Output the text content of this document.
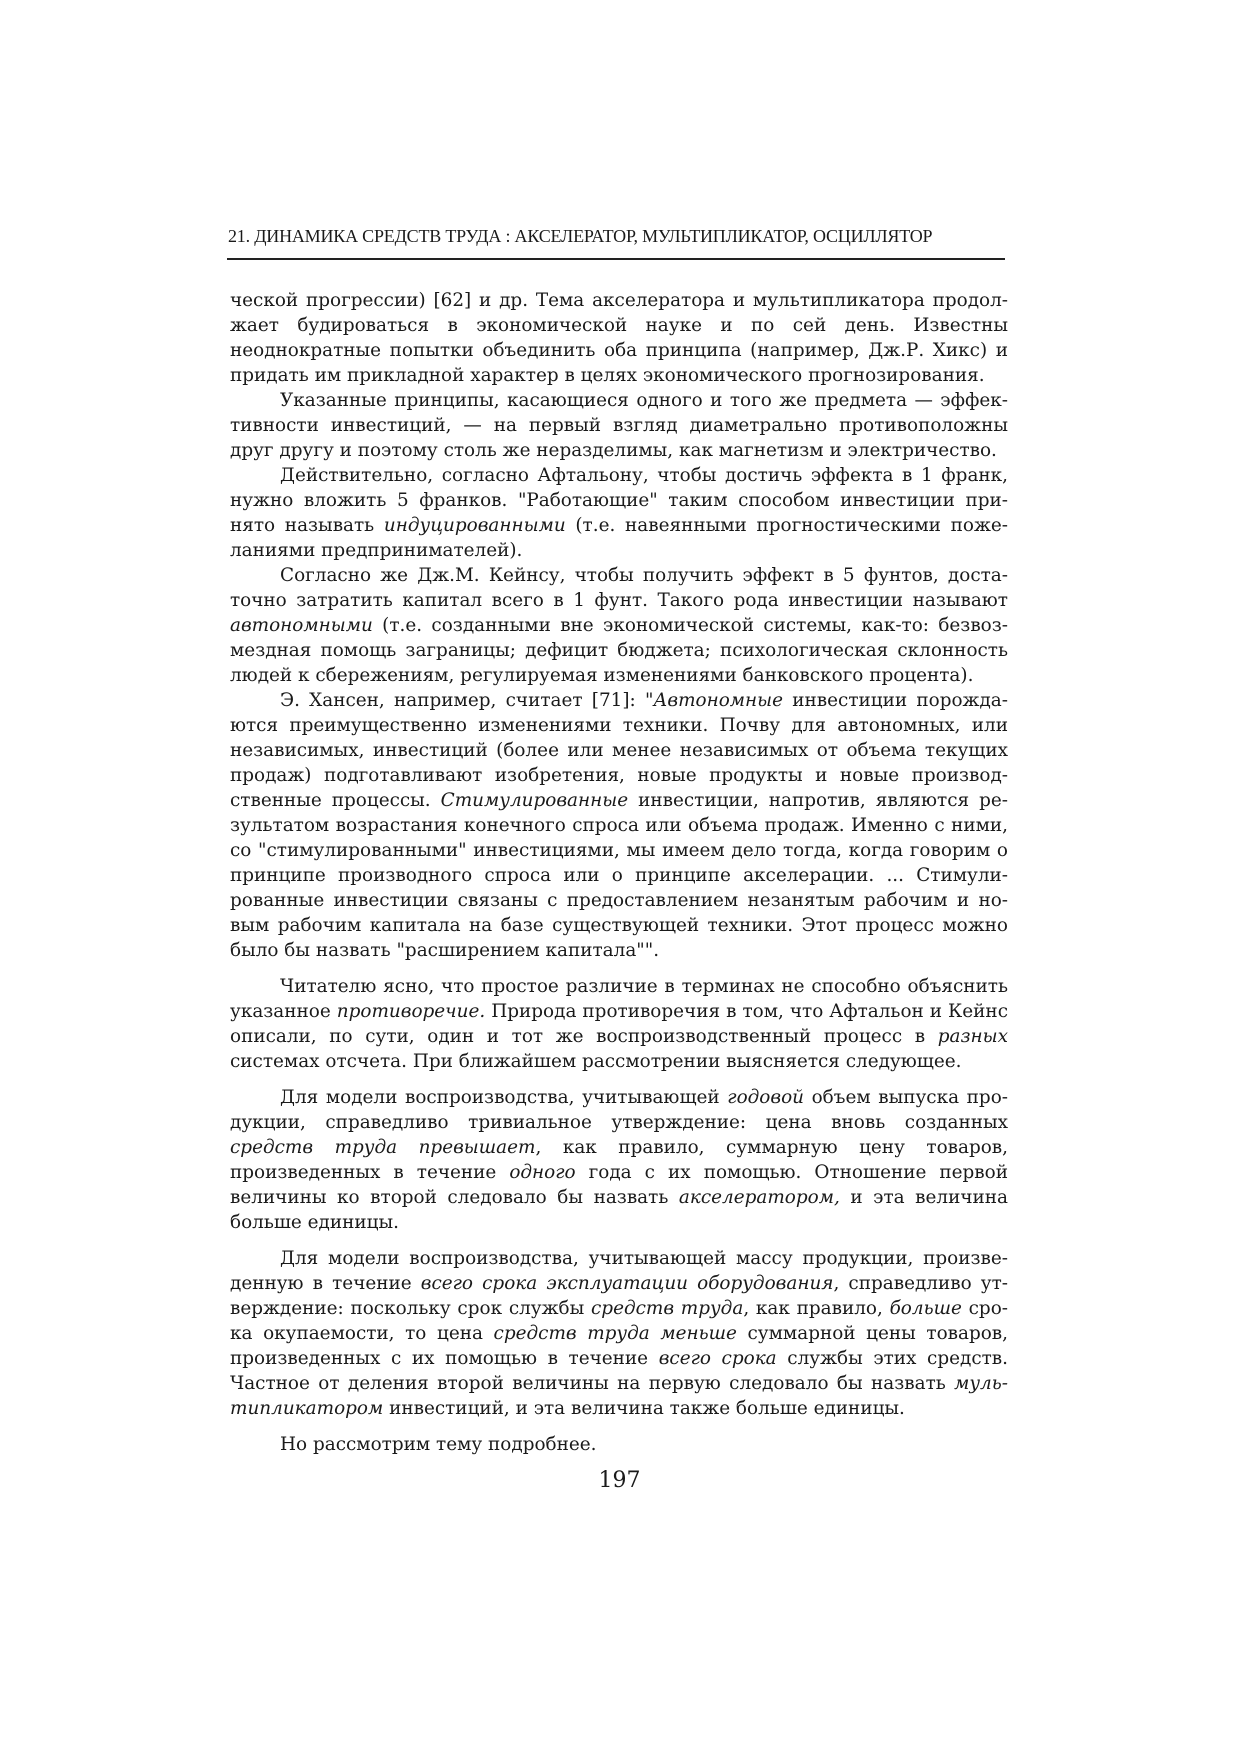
21. ДИНАМИКА СРЕДСТВ ТРУДА : АКСЕЛЕРАТОР, МУЛЬТИПЛИКАТОР, ОСЦИЛЛЯТОР

ческой прогрессии) [62] и др. Тема акселератора и мультипликатора продолжает будироваться в экономической науке и по сей день. Известны неоднократные попытки объединить оба принципа (например, Дж.Р. Хикс) и придать им прикладной характер в целях экономического прогнозирования.

Указанные принципы, касающиеся одного и того же предмета — эффективности инвестиций, — на первый взгляд диаметрально противоположны друг другу и поэтому столь же неразделимы, как магнетизм и электричество.

Действительно, согласно Афтальону, чтобы достичь эффекта в 1 франк, нужно вложить 5 франков. "Работающие" таким способом инвестиции принято называть индуцированными (т.е. навеянными прогностическими пожеланиями предпринимателей).

Согласно же Дж.М. Кейнсу, чтобы получить эффект в 5 фунтов, достаточно затратить капитал всего в 1 фунт. Такого рода инвестиции называют автономными (т.е. созданными вне экономической системы, как-то: безвозмездная помощь заграницы; дефицит бюджета; психологическая склонность людей к сбережениям, регулируемая изменениями банковского процента).

Э. Хансен, например, считает [71]: "Автономные инвестиции порождаются преимущественно изменениями техники. Почву для автономных, или независимых, инвестиций (более или менее независимых от объема текущих продаж) подготавливают изобретения, новые продукты и новые производственные процессы. Стимулированные инвестиции, напротив, являются результатом возрастания конечного спроса или объема продаж. Именно с ними, со "стимулированными" инвестициями, мы имеем дело тогда, когда говорим о принципе производного спроса или о принципе акселерации. ... Стимулированные инвестиции связаны с предоставлением незанятым рабочим и новым рабочим капитала на базе существующей техники. Этот процесс можно было бы назвать "расширением капитала"".

Читателю ясно, что простое различие в терминах не способно объяснить указанное противоречие. Природа противоречия в том, что Афтальон и Кейнс описали, по сути, один и тот же воспроизводственный процесс в разных системах отсчета. При ближайшем рассмотрении выясняется следующее.

Для модели воспроизводства, учитывающей годовой объем выпуска продукции, справедливо тривиальное утверждение: цена вновь созданных средств труда превышает, как правило, суммарную цену товаров, произведенных в течение одного года с их помощью. Отношение первой величины ко второй следовало бы назвать акселератором, и эта величина больше единицы.

Для модели воспроизводства, учитывающей массу продукции, произведенную в течение всего срока эксплуатации оборудования, справедливо утверждение: поскольку срок службы средств труда, как правило, больше срока окупаемости, то цена средств труда меньше суммарной цены товаров, произведенных с их помощью в течение всего срока службы этих средств. Частное от деления второй величины на первую следовало бы назвать мультипликатором инвестиций, и эта величина также больше единицы.

Но рассмотрим тему подробнее.

197
